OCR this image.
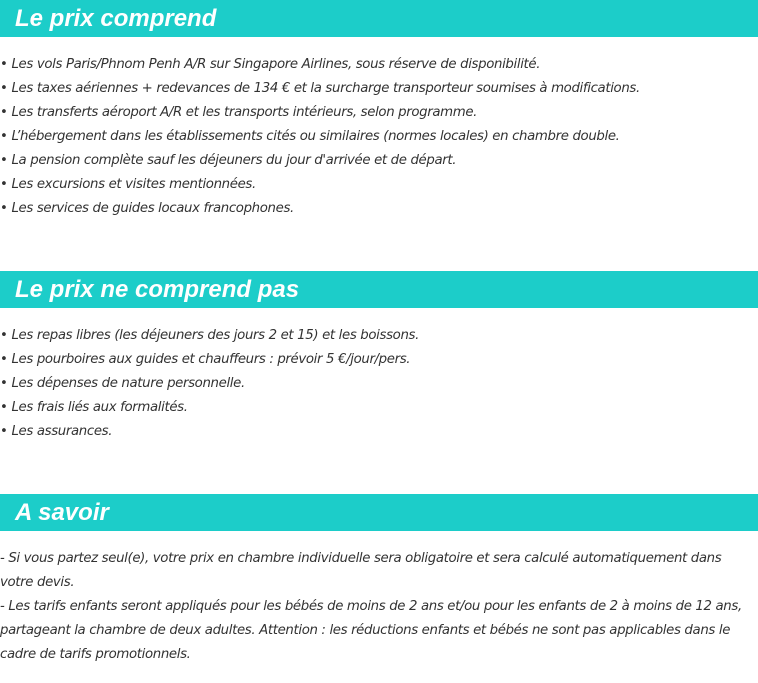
Le prix comprend
• Les vols Paris/Phnom Penh A/R sur Singapore Airlines, sous réserve de disponibilité.
• Les taxes aériennes + redevances de 134 € et la surcharge transporteur soumises à modifications.
• Les transferts aéroport A/R et les transports intérieurs, selon programme.
• L’hébergement dans les établissements cités ou similaires (normes locales) en chambre double.
• La pension complète sauf les déjeuners du jour d'arrivée et de départ.
• Les excursions et visites mentionnées.
• Les services de guides locaux francophones.
Le prix ne comprend pas
• Les repas libres (les déjeuners des jours 2 et 15) et les boissons.
• Les pourboires aux guides et chauffeurs : prévoir 5 €/jour/pers.
• Les dépenses de nature personnelle.
• Les frais liés aux formalités.
• Les assurances.
A savoir

- Si vous partez seul(e), votre prix en chambre individuelle sera obligatoire et sera calculé automatiquement dans votre devis.

- Les tarifs enfants seront appliqués pour les bébés de moins de 2 ans et/ou pour les enfants de 2 à moins de 12 ans, partageant la chambre de deux adultes. Attention : les réductions enfants et bébés ne sont pas applicables dans le cadre de tarifs promotionnels.
